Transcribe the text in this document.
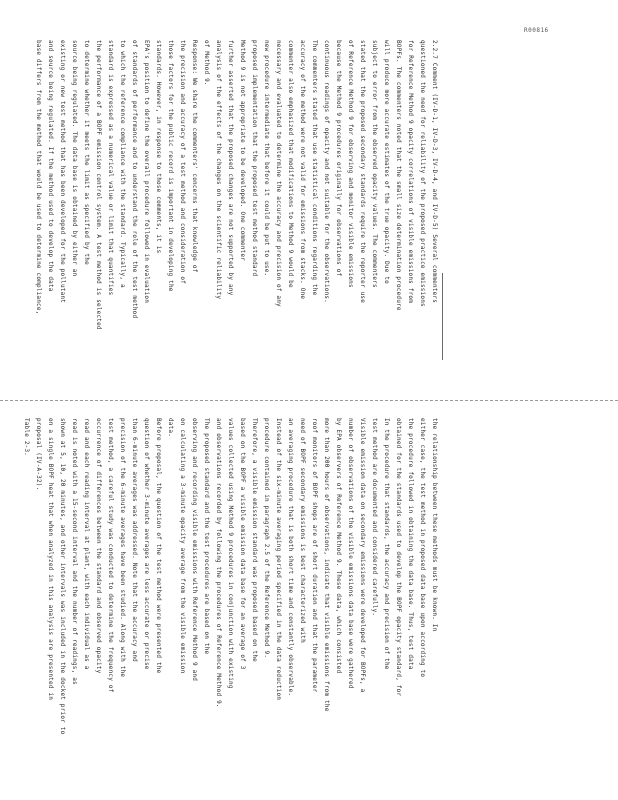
R00816
2.2.7 Comment (IV-D-1, IV-D-3, IV-D-4, and IV-D-5) Several commenters
questioned the need for reliability of the proposed practice emissions
for Reference Method 9 opacity correlations of visible emissions from
BOPFs. The commenters noted that the small size determination procedure
will produce more accurate estimates of the true opacity. Due to
subject to error from the observed opacity values. The commenters
stated that the proposed secondary standards require the reporter use
of Reference Method 9 for observing and monitor visible emissions
because the Method 9 procedures originally for observations of
continuous readings of opacity and not suitable for the observations.
The commenters stated that use statistical conditions regarding the
accuracy of the method were not valid for emissions from stacks. One
commenter also emphasized that modifications to Method 9 would be
necessary and evaluated to determine the accuracy and precision of any
new procedure intermediate that before it could be put to use.
proposed implementation that the proposed test method standard
Method 9 is not appropriate to be developed. One commenter
further asserted that the proposed changes are not supported by any
analysis of the effects of the changes on the scientific reliability
of Method 9.
Response: We share the commenters' concerns that knowledge of
the precision and accuracy of a test method and consideration of
those factors for the public record is important in developing the
standards. However, in response to those comments, it is
EPA's position to define the overall procedure followed in evaluation
of standards of performance and to understand the role of the test method
to which the reference compliance with the standard. Typically, a
standard is expressed as a numerical value or limit that quantifies
the performance of a BOPF emission control system. A test method is selected
to determine whether it meets the limit as specified by the
source being regulated. The data base is obtained by either an
existing or new test method that has been developed for the pollutant
and source being regulated. If the method used to develop the data
base differs from the method that would be used to determine compliance,
the relationship between these methods must be known. In
either case, the test method in proposed data base upon according to
the procedure followed in obtaining the data base. Thus, test data
obtained for the standards used to develop the BOPF opacity standard, for
In the procedure that standards, the accuracy and precision of the
test method are documented and considered carefully.
Visible emission data on secondary emissions were developed for BOPFs, a
number of observations of the visible emissions data base were gathered
by EPA observers of Reference Method 9. These data, which consisted
more than 200 hours of observations, indicate that visible emissions from the
roof monitors of BOPF shops are of short duration and that the parameter
need of BOPF secondary emissions is best characterized with
an averaging procedure that is both short time and constantly observable.
Instead of the six-minute averaging period specified in the data reduction
procedure contained in paragraph 2.5 of the Reference Method 9.
Therefore, a visible emission standard was proposed based on the
based on the BOPF a visible emission data base for an average of 3
values collected using Method 9 procedures in conjunction with existing
and observations recorded by following the procedures of Reference Method 9.
The proposed standard and the test procedures are based on the
observing and recording visible emissions with Reference Method 9 and
on calculating a 3-minute opacity average from the visible emission
data.
Before proposal, the question of the test method were presented the
question of whether 3-minute averages are less accurate or precise
than 6-minute averages was addressed. Note that the accuracy and
precision of the 6-minute averages have been studied. Along with the
test method, a careful study was conducted to determine the frequency of
occurrence of differences between the standard and observed opacity
read and each reading interval at plant, with each individual as a
read is noted with a 15-second interval and the number of readings, as
shown at 5, 10, 20 minutes, and other intervals was included in the docket prior to
on a single BOPF heat that when analyzed in this analysis are presented in
proposal (IV-A-32).
Table 2-3.
